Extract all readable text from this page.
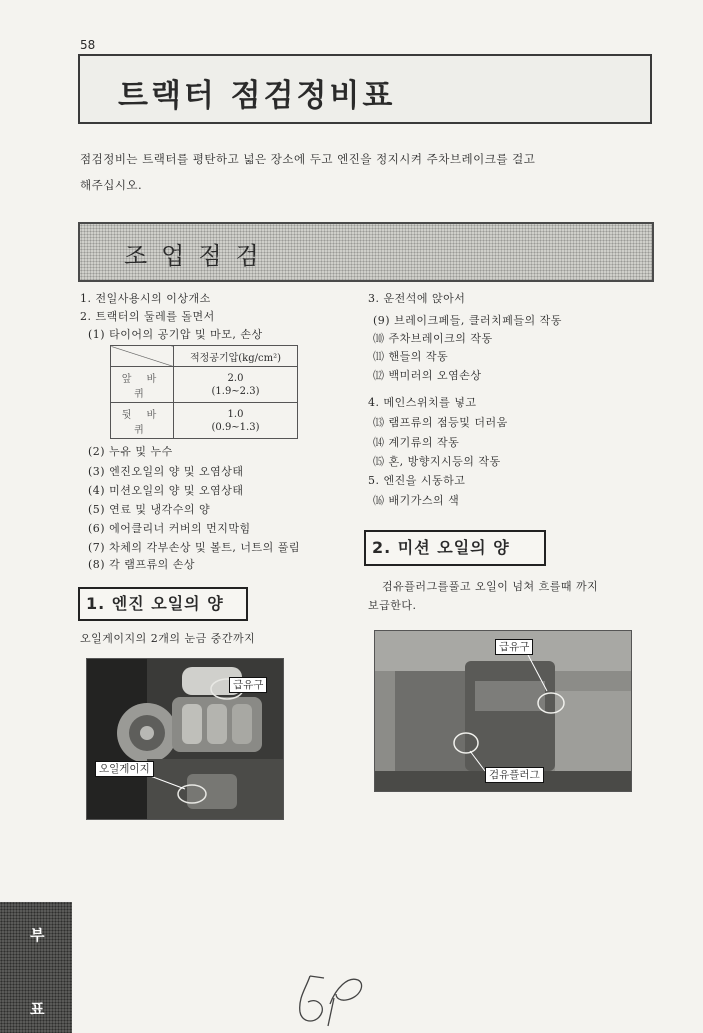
58
트랙터 점검정비표
점검정비는 트랙터를 평탄하고 넓은 장소에 두고 엔진을 정지시켜 주차브레이크를 걸고
해주십시오.
조업점검
1. 전일사용시의 이상개소
2. 트랙터의 둘레를 돌면서
(1) 타이어의 공기압 및 마모, 손상
	적정공기압(kg/cm²)
앞 바 퀴	2.0
(1.9~2.3)

뒷 바 퀴	1.0
(0.9~1.3)
(2) 누유 및 누수
(3) 엔진오일의 양 및 오염상태
(4) 미션오일의 양 및 오염상태
(5) 연료 및 냉각수의 양
(6) 에어클리너 커버의 먼지막힘
(7) 차체의 각부손상 및 볼트, 너트의 풀림
(8) 각 램프류의 손상
3. 운전석에 앉아서
(9) 브레이크페들, 클러치페들의 작동
⑽ 주차브레이크의 작동
⑾ 핸들의 작동
⑿ 백미러의 오염손상
4. 메인스위치를 넣고
⒀ 램프류의 점등및 더러움
⒁ 계기류의 작동
⒂ 혼, 방향지시등의 작동
5. 엔진을 시동하고
⒃ 배기가스의 색
1. 엔진 오일의 양
오일게이지의 2개의 눈금 중간까지
급유구
오일게이지
2. 미션 오일의 양
검유플러그를풀고 오일이 넘쳐 흐를때 까지
보급한다.
급유구
검유플러그
부
표
